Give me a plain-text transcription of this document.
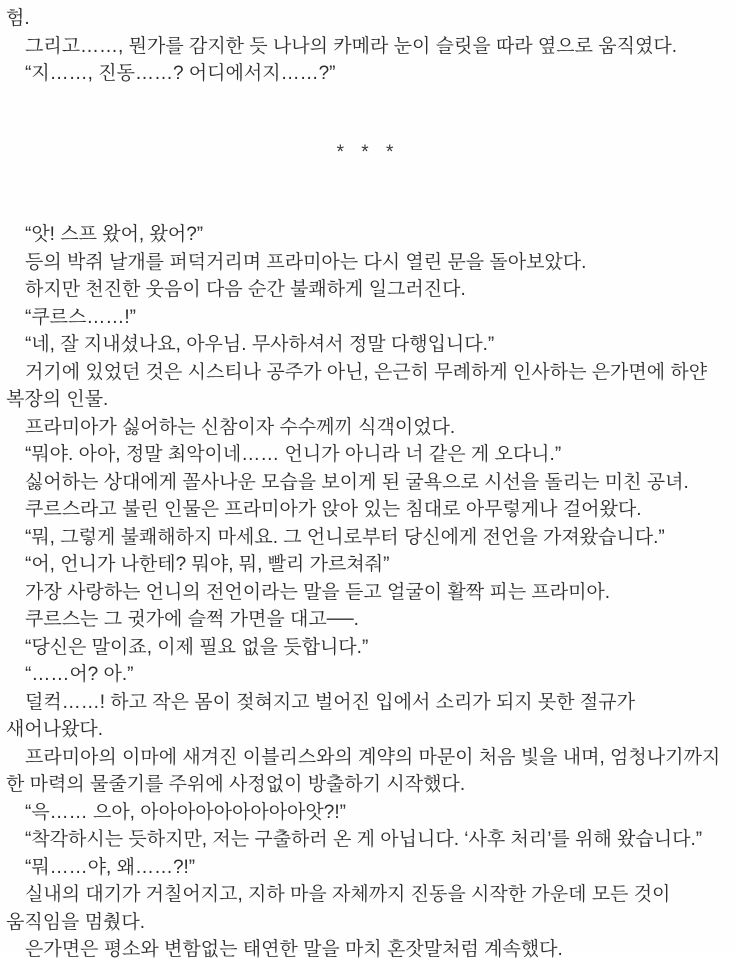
험.

그리고……, 뭔가를 감지한 듯 나나의 카메라 눈이 슬릿을 따라 옆으로 움직였다.

“지……, 진동……? 어디에서지……?”

* * *

“앗! 스프 왔어, 왔어?”

등의 박쥐 날개를 퍼덕거리며 프라미아는 다시 열린 문을 돌아보았다.

하지만 천진한 웃음이 다음 순간 불쾌하게 일그러진다.

“쿠르스……!”

“네, 잘 지내셨나요, 아우님. 무사하셔서 정말 다행입니다.”

거기에 있었던 것은 시스티나 공주가 아닌, 은근히 무례하게 인사하는 은가면에 하얀 복장의 인물.

프라미아가 싫어하는 신참이자 수수께끼 식객이었다.

“뭐야. 아아, 정말 최악이네…… 언니가 아니라 너 같은 게 오다니.”

싫어하는 상대에게 꼴사나운 모습을 보이게 된 굴욕으로 시선을 돌리는 미친 공녀.

쿠르스라고 불린 인물은 프라미아가 앉아 있는 침대로 아무렇게나 걸어왔다.

“뭐, 그렇게 불쾌해하지 마세요. 그 언니로부터 당신에게 전언을 가져왔습니다.”

“어, 언니가 나한테? 뭐야, 뭐, 빨리 가르쳐줘”

가장 사랑하는 언니의 전언이라는 말을 듣고 얼굴이 활짝 피는 프라미아.

쿠르스는 그 귓가에 슬쩍 가면을 대고──.

“당신은 말이죠, 이제 필요 없을 듯합니다.”

“……어? 아.”

덜컥……! 하고 작은 몸이 젖혀지고 벌어진 입에서 소리가 되지 못한 절규가 새어나왔다.

프라미아의 이마에 새겨진 이블리스와의 계약의 마문이 처음 빛을 내며, 엄청나기까지 한 마력의 물줄기를 주위에 사정없이 방출하기 시작했다.

“윽…… 으아, 아아아아아아아아아앗?!”

“착각하시는 듯하지만, 저는 구출하러 온 게 아닙니다. ‘사후 처리’를 위해 왔습니다.”

“뭐……야, 왜……?!”

실내의 대기가 거칠어지고, 지하 마을 자체까지 진동을 시작한 가운데 모든 것이 움직임을 멈췄다.

은가면은 평소와 변함없는 태연한 말을 마치 혼잣말처럼 계속했다.
